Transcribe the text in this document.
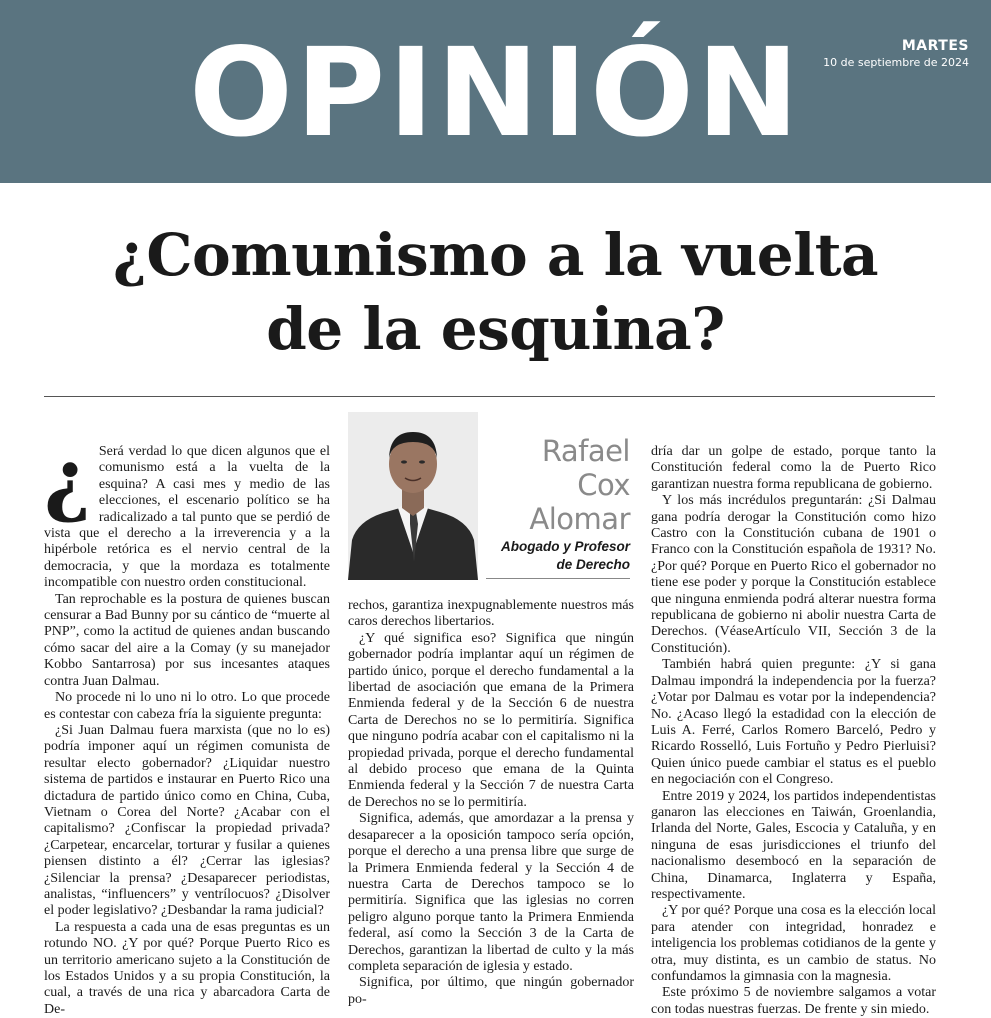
OPINIÓN	MARTES
10 de septiembre de 2024
¿Comunismo a la vuelta
de la esquina?

¿ Será verdad lo que dicen algunos que el comunismo está a la vuelta de la esquina? A casi mes y medio de las elecciones, el escenario político se ha radicalizado a tal punto que se perdió de vista que el derecho a la irreverencia y a la hipérbole retórica es el nervio central de la democracia, y que la mordaza es totalmente incompatible con nuestro orden constitucional.

Tan reprochable es la postura de quienes buscan censurar a Bad Bunny por su cántico de “muerte al PNP”, como la actitud de quienes andan buscando cómo sacar del aire a la Comay (y su manejador Kobbo Santarrosa) por sus incesantes ataques contra Juan Dalmau.

No procede ni lo uno ni lo otro. Lo que procede es contestar con cabeza fría la siguiente pregunta:

¿Si Juan Dalmau fuera marxista (que no lo es) podría imponer aquí un régimen comunista de resultar electo gobernador? ¿Liquidar nuestro sistema de partidos e instaurar en Puerto Rico una dictadura de partido único como en China, Cuba, Vietnam o Corea del Norte? ¿Acabar con el capitalismo? ¿Confiscar la propiedad privada? ¿Carpetear, encarcelar, torturar y fusilar a quienes piensen distinto a él? ¿Cerrar las iglesias? ¿Silenciar la prensa? ¿Desaparecer periodistas, analistas, “influencers” y ventrílocuos? ¿Disolver el poder legislativo? ¿Desbandar la rama judicial?

La respuesta a cada una de esas preguntas es un rotundo NO. ¿Y por qué? Porque Puerto Rico es un territorio americano sujeto a la Constitución de los Estados Unidos y a su propia Constitución, la cual, a través de una rica y abarcadora Carta de De-

Rafael
Cox Alomar
Abogado y Profesor
de Derecho

rechos, garantiza inexpugnablemente nuestros más caros derechos libertarios.

¿Y qué significa eso? Significa que ningún gobernador podría implantar aquí un régimen de partido único, porque el derecho fundamental a la libertad de asociación que emana de la Primera Enmienda federal y de la Sección 6 de nuestra Carta de Derechos no se lo permitiría. Significa que ninguno podría acabar con el capitalismo ni la propiedad privada, porque el derecho fundamental al debido proceso que emana de la Quinta Enmienda federal y la Sección 7 de nuestra Carta de Derechos no se lo permitiría.

Significa, además, que amordazar a la prensa y desaparecer a la oposición tampoco sería opción, porque el derecho a una prensa libre que surge de la Primera Enmienda federal y la Sección 4 de nuestra Carta de Derechos tampoco se lo permitiría. Significa que las iglesias no corren peligro alguno porque tanto la Primera Enmienda federal, así como la Sección 3 de la Carta de Derechos, garantizan la libertad de culto y la más completa separación de iglesia y estado.

Significa, por último, que ningún gobernador po-

dría dar un golpe de estado, porque tanto la Constitución federal como la de Puerto Rico garantizan nuestra forma republicana de gobierno.

Y los más incrédulos preguntarán: ¿Si Dalmau gana podría derogar la Constitución como hizo Castro con la Constitución cubana de 1901 o Franco con la Constitución española de 1931? No. ¿Por qué? Porque en Puerto Rico el gobernador no tiene ese poder y porque la Constitución establece que ninguna enmienda podrá alterar nuestra forma republicana de gobierno ni abolir nuestra Carta de Derechos. (VéaseArtículo VII, Sección 3 de la Constitución).

También habrá quien pregunte: ¿Y si gana Dalmau impondrá la independencia por la fuerza? ¿Votar por Dalmau es votar por la independencia? No. ¿Acaso llegó la estadidad con la elección de Luis A. Ferré, Carlos Romero Barceló, Pedro y Ricardo Rosselló, Luis Fortuño y Pedro Pierluisi? Quien único puede cambiar el status es el pueblo en negociación con el Congreso.

Entre 2019 y 2024, los partidos independentistas ganaron las elecciones en Taiwán, Groenlandia, Irlanda del Norte, Gales, Escocia y Cataluña, y en ninguna de esas jurisdicciones el triunfo del nacionalismo desembocó en la separación de China, Dinamarca, Inglaterra y España, respectivamente.

¿Y por qué? Porque una cosa es la elección local para atender con integridad, honradez e inteligencia los problemas cotidianos de la gente y otra, muy distinta, es un cambio de status. No confundamos la gimnasia con la magnesia.

Este próximo 5 de noviembre salgamos a votar con todas nuestras fuerzas. De frente y sin miedo.
